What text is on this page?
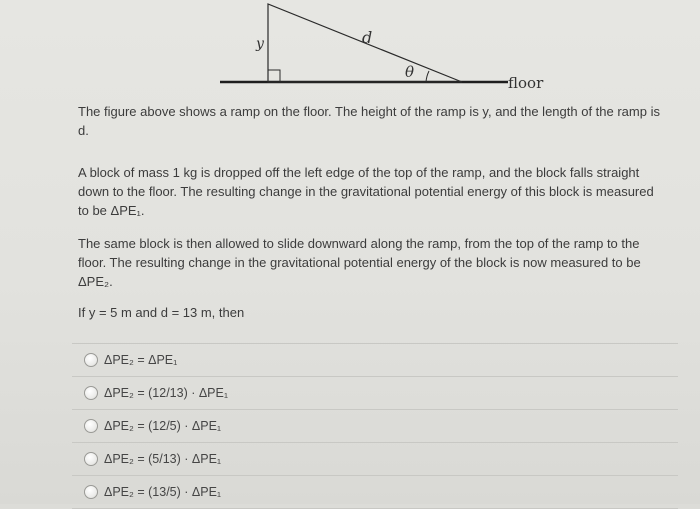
y	d
θ
floor

The figure above shows a ramp on the floor. The height of the ramp is y, and the length of the ramp is d.

A block of mass 1 kg is dropped off the left edge of the top of the ramp, and the block falls straight down to the floor. The resulting change in the gravitational potential energy of this block is measured to be ΔPE₁.

The same block is then allowed to slide downward along the ramp, from the top of the ramp to the floor. The resulting change in the gravitational potential energy of the block is now measured to be ΔPE₂.

If y = 5 m and d = 13 m, then

ΔPE₂ = ΔPE₁
ΔPE₂ = (12/13) · ΔPE₁
ΔPE₂ = (12/5) · ΔPE₁
ΔPE₂ = (5/13) · ΔPE₁
ΔPE₂ = (13/5) · ΔPE₁
